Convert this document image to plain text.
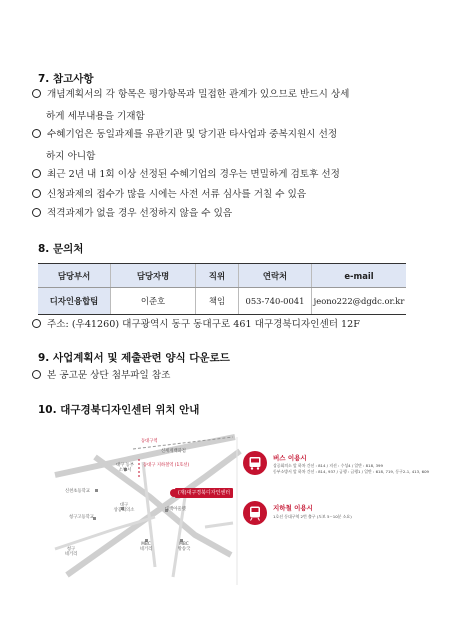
7. 참고사항
개념계획서의 각 항목은 평가항목과 밀접한 관계가 있으므로 반드시 상세
하게 세부내용을 기재함
수혜기업은 동일과제를 유관기관 및 당기관 타사업과 중복지원시 선정
하지 아니함
최근 2년 내 1회 이상 선정된 수혜기업의 경우는 면밀하게 검토후 선정
신청과제의 접수가 많을 시에는 사전 서류 심사를 거칠 수 있음
적격과제가 없을 경우 선정하지 않을 수 있음
8. 문의처
담당부서	담당자명	직위	연락처	e-mail
디자인융합팀	이준호	책임	053-740-0041	jeono222@dgdc.or.kr
주소: (우41260) 대구광역시 동구 동대구로 461 대구경북디자인센터 12F
9. 사업계획서 및 제출관련 양식 다운로드
본 공고문 상단 첨부파일 참조
10. 대구경북디자인센터 위치 안내
동대구역
신세계백화점
대구 동부
소방서
동대구 지하철역 (1호선)
신천초등학교	(재)대구경북디자인센터
대구
상공회의소	대백아울렛
청구고등학교
청구
네거리
MBC
네거리
MBC
방송국
버스 이용시
상공회의소 앞 하차 간선 : 814 / 지선 : 수성4 / 일반 : 818, 399
동부소방서 앞 하차 간선 : 814, 937 / 급행 : 급행1 / 일반 : 618, 719, 동구2-1, 413, 609
지하철 이용시
1호선 동대구역 2번 출구 (도보 5~10분 소요)
